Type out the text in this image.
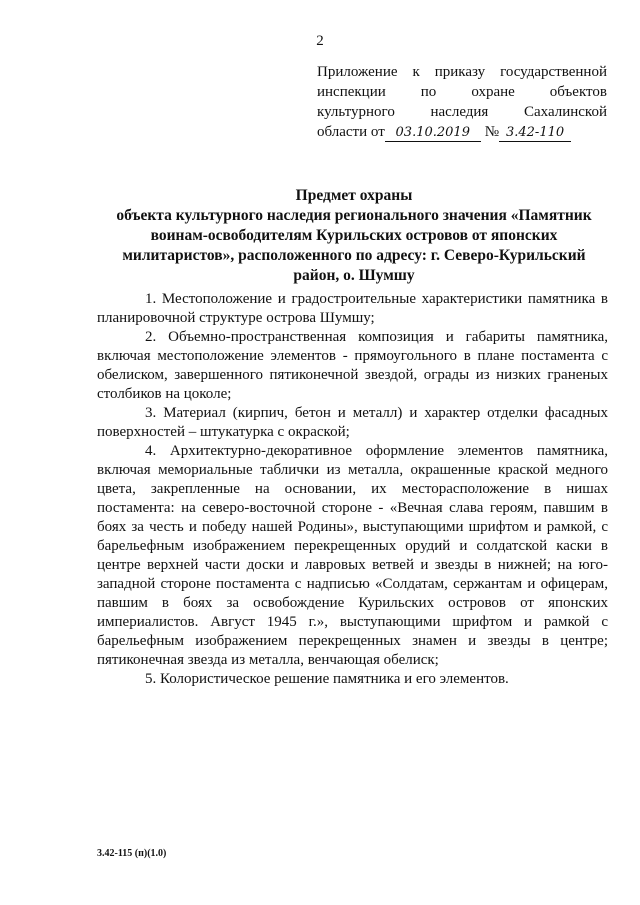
2
Приложение к приказу государственной
инспекции по охране объектов
культурного наследия Сахалинской
области от 03.10.2019 № 3.42-110
Предмет охраны
объекта культурного наследия регионального значения «Памятник воинам-освободителям Курильских островов от японских милитаристов», расположенного по адресу: г. Северо-Курильский район, о. Шумшу

1. Местоположение и градостроительные характеристики памятника в планировочной структуре острова Шумшу;

2. Объемно-пространственная композиция и габариты памятника, включая местоположение элементов - прямоугольного в плане постамента с обелиском, завершенного пятиконечной звездой, ограды из низких граненых столбиков на цоколе;

3. Материал (кирпич, бетон и металл) и характер отделки фасадных поверхностей – штукатурка с окраской;

4. Архитектурно-декоративное оформление элементов памятника, включая мемориальные таблички из металла, окрашенные краской медного цвета, закрепленные на основании, их месторасположение в нишах постамента: на северо-восточной стороне - «Вечная слава героям, павшим в боях за честь и победу нашей Родины», выступающими шрифтом и рамкой, с барельефным изображением перекрещенных орудий и солдатской каски в центре верхней части доски и лавровых ветвей и звезды в нижней; на юго-западной стороне постамента с надписью «Солдатам, сержантам и офицерам, павшим в боях за освобождение Курильских островов от японских империалистов. Август 1945 г.», выступающими шрифтом и рамкой с барельефным изображением перекрещенных знамен и звезды в центре; пятиконечная звезда из металла, венчающая обелиск;

5. Колористическое решение памятника и его элементов.

3.42-115 (п)(1.0)
